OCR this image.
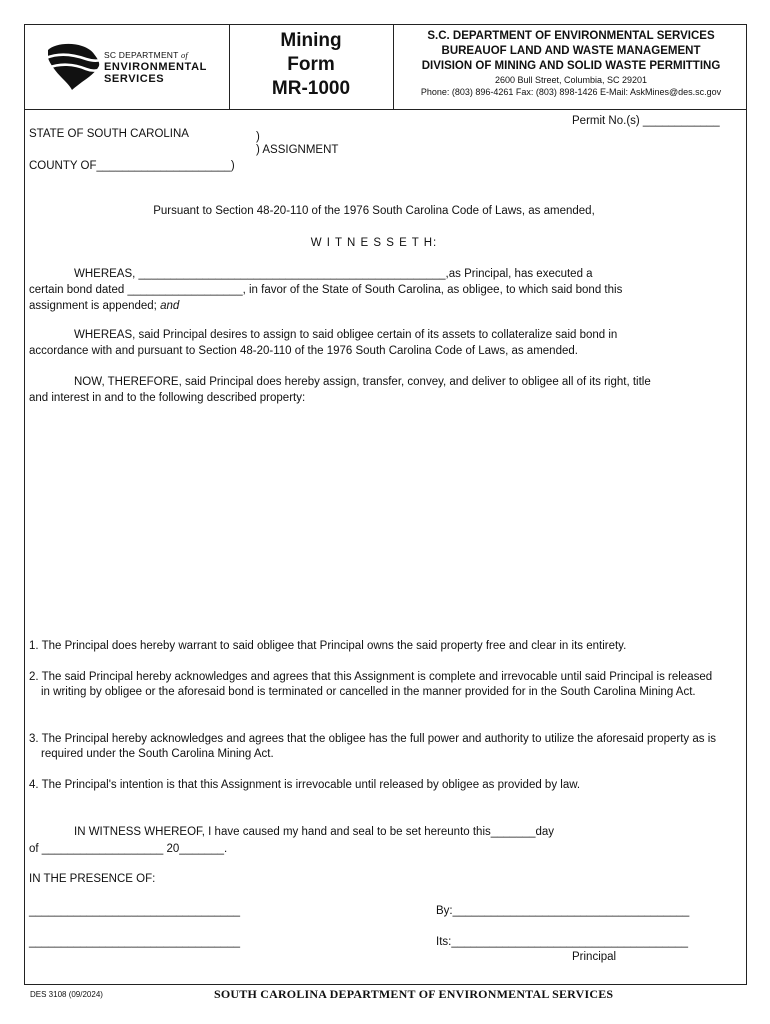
SC DEPARTMENT of
ENVIRONMENTAL
SERVICES
Mining
Form
MR-1000
S.C. DEPARTMENT OF ENVIRONMENTAL SERVICES
BUREAUOF LAND AND WASTE MANAGEMENT
DIVISION OF MINING AND SOLID WASTE PERMITTING
2600 Bull Street, Columbia, SC 29201
Phone: (803) 896-4261 Fax: (803) 898-1426 E-Mail: AskMines@des.sc.gov
Permit No.(s) ____________
STATE OF SOUTH CAROLINA	)
) ASSIGNMENT
COUNTY OF_____________________)
Pursuant to Section 48-20-110 of the 1976 South Carolina Code of Laws, as amended,
W I T N E S S E T H:
WHEREAS, ________________________________________________,as Principal, has executed a
certain bond dated __________________, in favor of the State of South Carolina, as obligee, to which said bond this
assignment is appended; and
WHEREAS, said Principal desires to assign to said obligee certain of its assets to collateralize said bond in
accordance with and pursuant to Section 48-20-110 of the 1976 South Carolina Code of Laws, as amended.
NOW, THEREFORE, said Principal does hereby assign, transfer, convey, and deliver to obligee all of its right, title
and interest in and to the following described property:
1. The Principal does hereby warrant to said obligee that Principal owns the said property free and clear in its entirety.
2. The said Principal hereby acknowledges and agrees that this Assignment is complete and irrevocable until said Principal is released in writing by obligee or the aforesaid bond is terminated or cancelled in the manner provided for in the South Carolina Mining Act.
3. The Principal hereby acknowledges and agrees that the obligee has the full power and authority to utilize the aforesaid property as is required under the South Carolina Mining Act.
4. The Principal's intention is that this Assignment is irrevocable until released by obligee as provided by law.
IN WITNESS WHEREOF, I have caused my hand and seal to be set hereunto this_______day
of ___________________ 20_______.
IN THE PRESENCE OF:
_________________________________
_________________________________
By:_____________________________________
Its:_____________________________________
Principal
DES 3108 (09/2024)	SOUTH CAROLINA DEPARTMENT OF ENVIRONMENTAL SERVICES
